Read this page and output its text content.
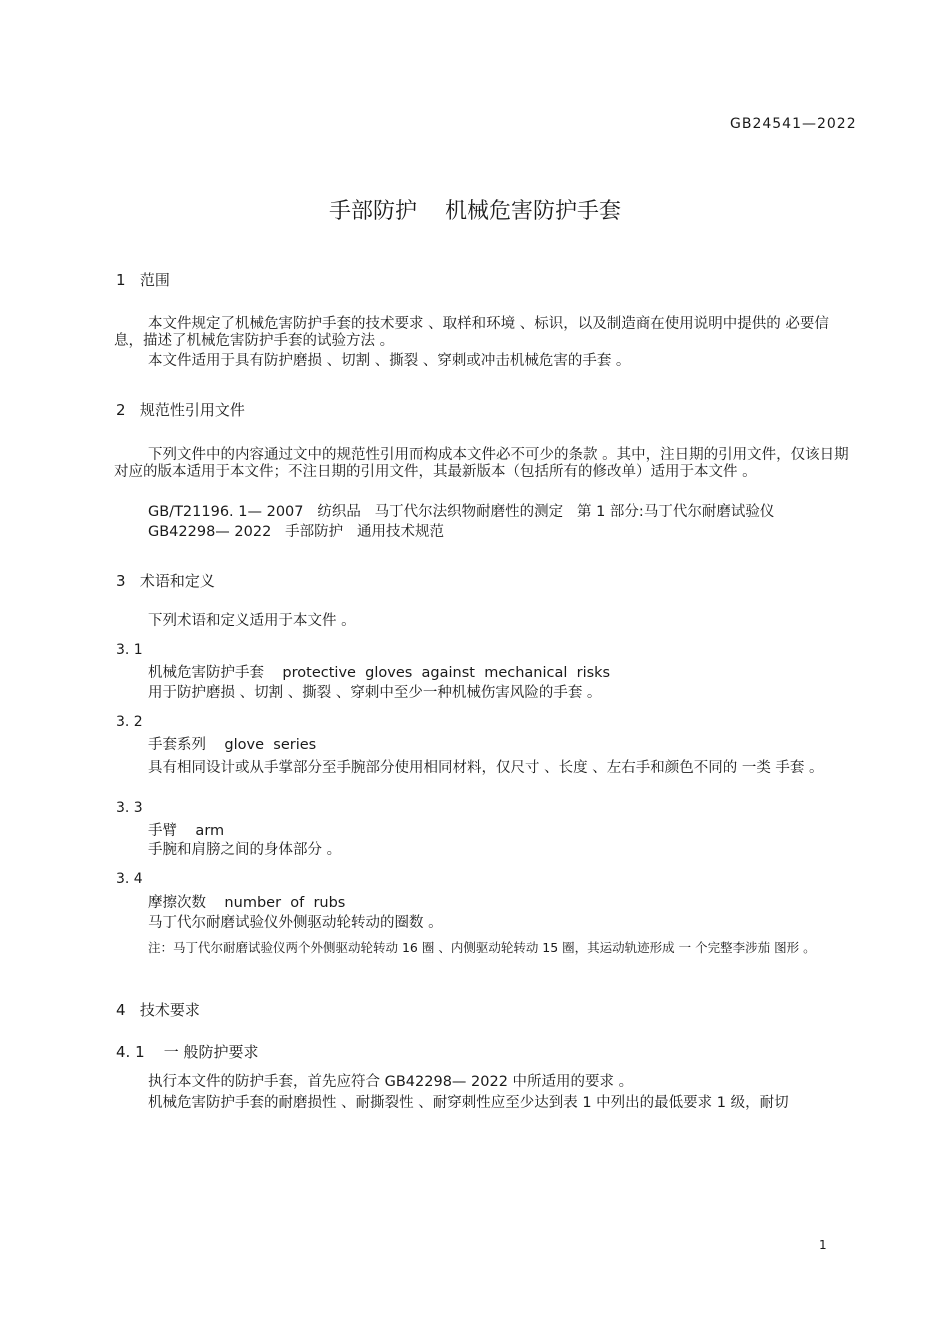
GB24541—2022
手部防护    机械危害防护手套
1   范围
本文件规定了机械危害防护手套的技术要求 、取样和环境 、标识，以及制造商在使用说明中提供的 必要信息，描述了机械危害防护手套的试验方法 。
本文件适用于具有防护磨损 、切割 、撕裂 、穿刺或冲击机械危害的手套 。
2   规范性引用文件
下列文件中的内容通过文中的规范性引用而构成本文件必不可少的条款 。其中，注日期的引用文件，仅该日期对应的版本适用于本文件；不注日期的引用文件，其最新版本（包括所有的修改单）适用于本文件 。
GB/T21196. 1— 2007   纺织品   马丁代尔法织物耐磨性的测定   第 1 部分:马丁代尔耐磨试验仪
GB42298— 2022   手部防护   通用技术规范
3   术语和定义
下列术语和定义适用于本文件 。
3. 1
机械危害防护手套    protective  gloves  against  mechanical  risks
用于防护磨损 、切割 、撕裂 、穿刺中至少一种机械伤害风险的手套 。
3. 2
手套系列    glove  series
具有相同设计或从手掌部分至手腕部分使用相同材料，仅尺寸 、长度 、左右手和颜色不同的 一类 手套 。
3. 3
手臂    arm
手腕和肩膀之间的身体部分 。
3. 4
摩擦次数    number  of  rubs
马丁代尔耐磨试验仪外侧驱动轮转动的圈数 。
注：马丁代尔耐磨试验仪两个外侧驱动轮转动 16 圈 、内侧驱动轮转动 15 圈，其运动轨迹形成 一 个完整李涉茄 图形 。
4   技术要求
4. 1    一 般防护要求
执行本文件的防护手套，首先应符合 GB42298— 2022 中所适用的要求 。
机械危害防护手套的耐磨损性 、耐撕裂性 、耐穿刺性应至少达到表 1 中列出的最低要求 1 级，耐切
1
